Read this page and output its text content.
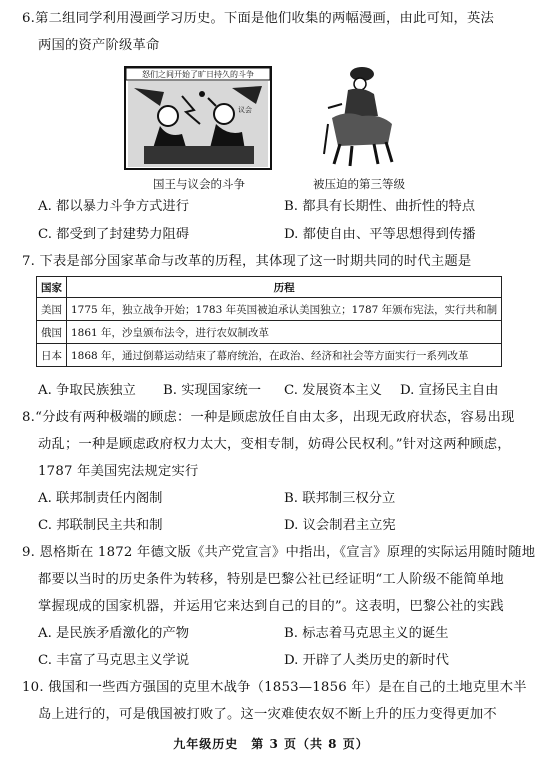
6.第二组同学利用漫画学习历史。下面是他们收集的两幅漫画，由此可知，英法
两国的资产阶级革命
怒们之间开始了旷日持久的斗争
议会
国王与议会的斗争	被压迫的第三等级
A. 都以暴力斗争方式进行	B. 都具有长期性、曲折性的特点
C. 都受到了封建势力阻碍	D. 都使自由、平等思想得到传播
7. 下表是部分国家革命与改革的历程，其体现了这一时期共同的时代主题是
国家	历程
美国	1775 年，独立战争开始；1783 年英国被迫承认美国独立；1787 年颁布宪法，实行共和制
俄国	1861 年，沙皇颁布法令，进行农奴制改革
日本	1868 年，通过倒幕运动结束了幕府统治，在政治、经济和社会等方面实行一系列改革
A. 争取民族独立 B. 实现国家统一 C. 发展资本主义 D. 宣扬民主自由
8.“分歧有两种极端的顾虑：一种是顾虑放任自由太多，出现无政府状态，容易出现
动乱；一种是顾虑政府权力太大，变相专制，妨碍公民权利。”针对这两种顾虑，
1787 年美国宪法规定实行
A. 联邦制责任内阁制	B. 联邦制三权分立
C. 邦联制民主共和制	D. 议会制君主立宪
9. 恩格斯在 1872 年德文版《共产党宣言》中指出，《宣言》原理的实际运用随时随地
都要以当时的历史条件为转移，特别是巴黎公社已经证明“工人阶级不能简单地
掌握现成的国家机器，并运用它来达到自己的目的”。这表明，巴黎公社的实践
A. 是民族矛盾激化的产物	B. 标志着马克思主义的诞生
C. 丰富了马克思主义学说	D. 开辟了人类历史的新时代
10. 俄国和一些西方强国的克里木战争（1853—1856 年）是在自己的土地克里木半
岛上进行的，可是俄国被打败了。这一灾难使农奴不断上升的压力变得更加不
九年级历史　第 3 页（共 8 页）
